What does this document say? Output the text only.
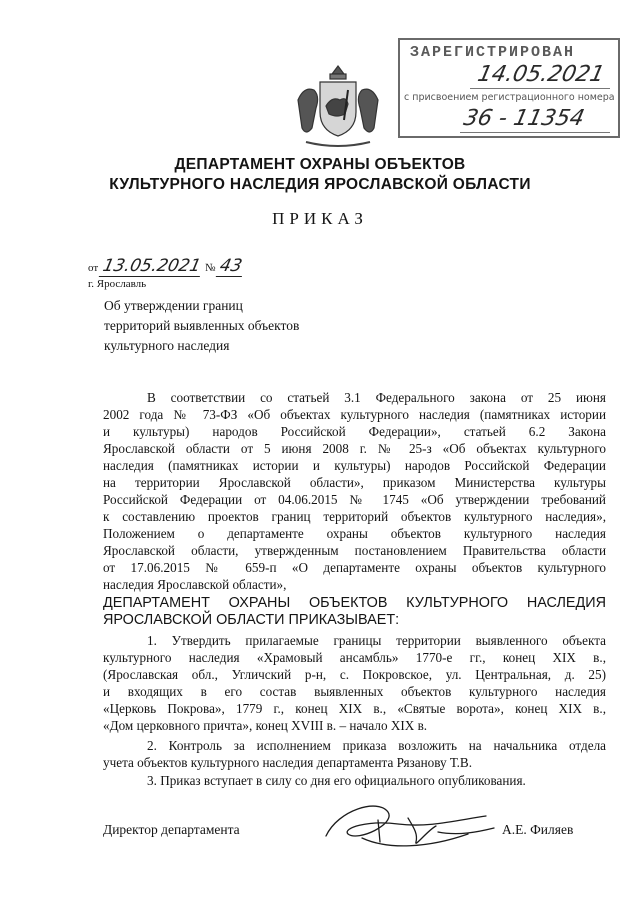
ЗАРЕГИСТРИРОВАН
14.05.2021
с присвоением регистрационного номера
36 - 11354
ДЕПАРТАМЕНТ ОХРАНЫ ОБЪЕКТОВ
КУЛЬТУРНОГО НАСЛЕДИЯ ЯРОСЛАВСКОЙ ОБЛАСТИ
ПРИКАЗ
от 13.05.2021 № 43
г. Ярославль
Об утверждении границ
территорий выявленных объектов
культурного наследия
В соответствии со статьей 3.1 Федерального закона от 25 июня
2002 года № 73-ФЗ «Об объектах культурного наследия (памятниках истории
и культуры) народов Российской Федерации», статьей 6.2 Закона
Ярославской области от 5 июня 2008 г. № 25-з «Об объектах культурного
наследия (памятниках истории и культуры) народов Российской Федерации
на территории Ярославской области», приказом Министерства культуры
Российской Федерации от 04.06.2015 № 1745 «Об утверждении требований
к составлению проектов границ территорий объектов культурного наследия»,
Положением о департаменте охраны объектов культурного наследия
Ярославской области, утвержденным постановлением Правительства области
от 17.06.2015 № 659-п «О департаменте охраны объектов культурного
наследия Ярославской области»,
ДЕПАРТАМЕНТ ОХРАНЫ ОБЪЕКТОВ КУЛЬТУРНОГО НАСЛЕДИЯ
ЯРОСЛАВСКОЙ ОБЛАСТИ ПРИКАЗЫВАЕТ:
1. Утвердить прилагаемые границы территории выявленного объекта
культурного наследия «Храмовый ансамбль» 1770-е гг., конец XIX в.,
(Ярославская обл., Угличский р-н, с. Покровское, ул. Центральная, д. 25)
и входящих в его состав выявленных объектов культурного наследия
«Церковь Покрова», 1779 г., конец XIX в., «Святые ворота», конец XIX в.,
«Дом церковного причта», конец XVIII в. – начало XIX в.
2. Контроль за исполнением приказа возложить на начальника отдела
учета объектов культурного наследия департамента Рязанову Т.В.
3. Приказ вступает в силу со дня его официального опубликования.
Директор департамента	А.Е. Филяев
